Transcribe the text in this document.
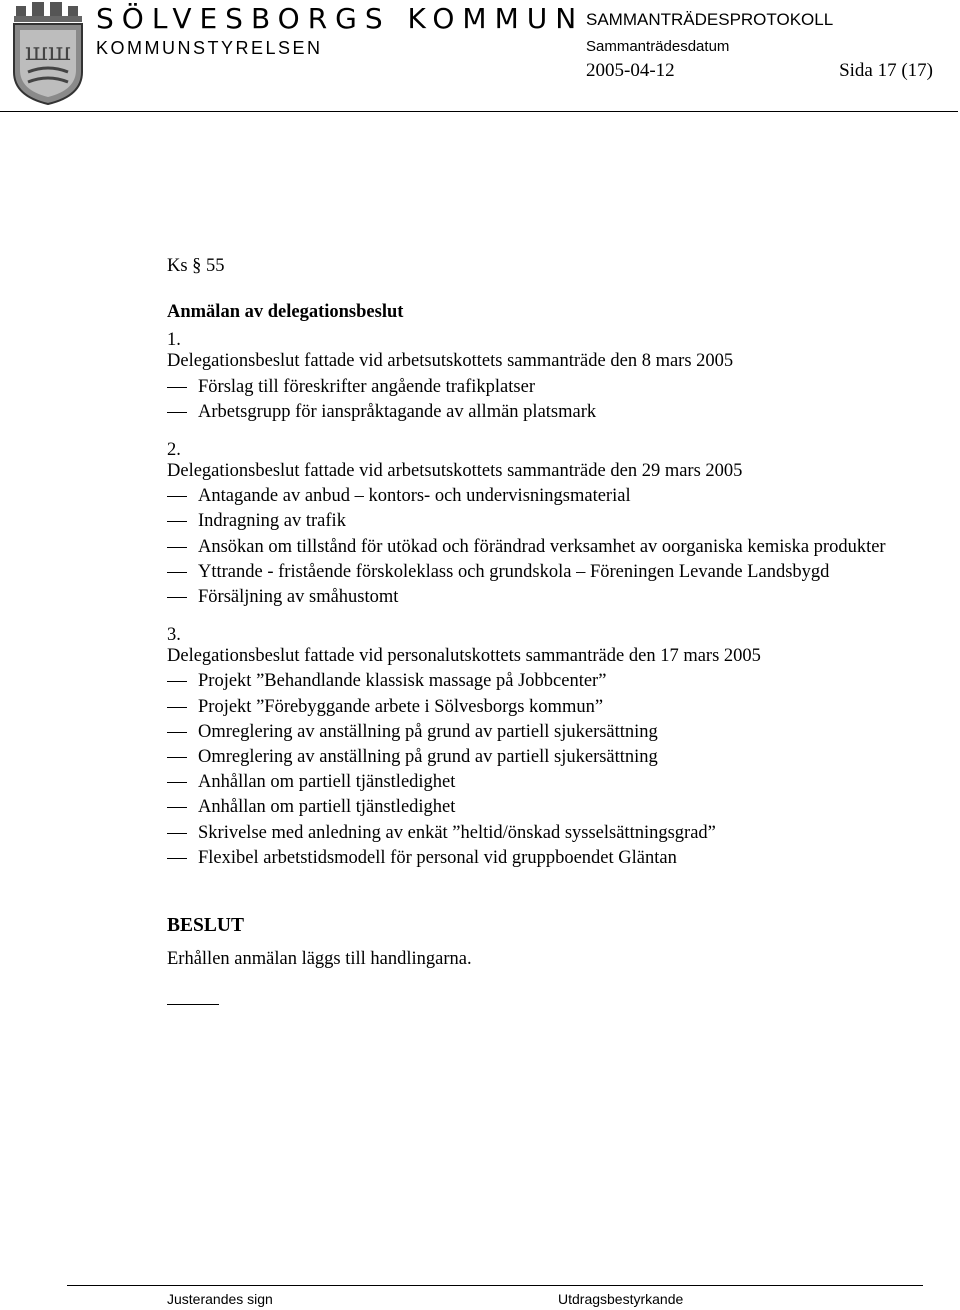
ꟺꟺ
SÖLVESBORGS KOMMUN
KOMMUNSTYRELSEN
SAMMANTRÄDESPROTOKOLL
Sammanträdesdatum
2005-04-12	Sida 17 (17)

Ks § 55

Anmälan av delegationsbeslut

1.

Delegationsbeslut fattade vid arbetsutskottets sammanträde den 8 mars 2005

Förslag till föreskrifter angående trafikplatser
Arbetsgrupp för ianspråktagande av allmän platsmark

2.

Delegationsbeslut fattade vid arbetsutskottets sammanträde den 29 mars 2005

Antagande av anbud – kontors- och undervisningsmaterial
Indragning av trafik
Ansökan om tillstånd för utökad och förändrad verksamhet av oorganiska kemiska produkter
Yttrande - fristående förskoleklass och grundskola – Föreningen Levande Landsbygd
Försäljning av småhustomt

3.

Delegationsbeslut fattade vid personalutskottets sammanträde den 17 mars 2005

Projekt ”Behandlande klassisk massage på Jobbcenter”
Projekt ”Förebyggande arbete i Sölvesborgs kommun”
Omreglering av anställning på grund av partiell sjukersättning
Omreglering av anställning på grund av partiell sjukersättning
Anhållan om partiell tjänstledighet
Anhållan om partiell tjänstledighet
Skrivelse med anledning av enkät ”heltid/önskad sysselsättningsgrad”
Flexibel arbetstidsmodell för personal vid gruppboendet Gläntan

BESLUT

Erhållen anmälan läggs till handlingarna.

Justerandes sign	Utdragsbestyrkande
